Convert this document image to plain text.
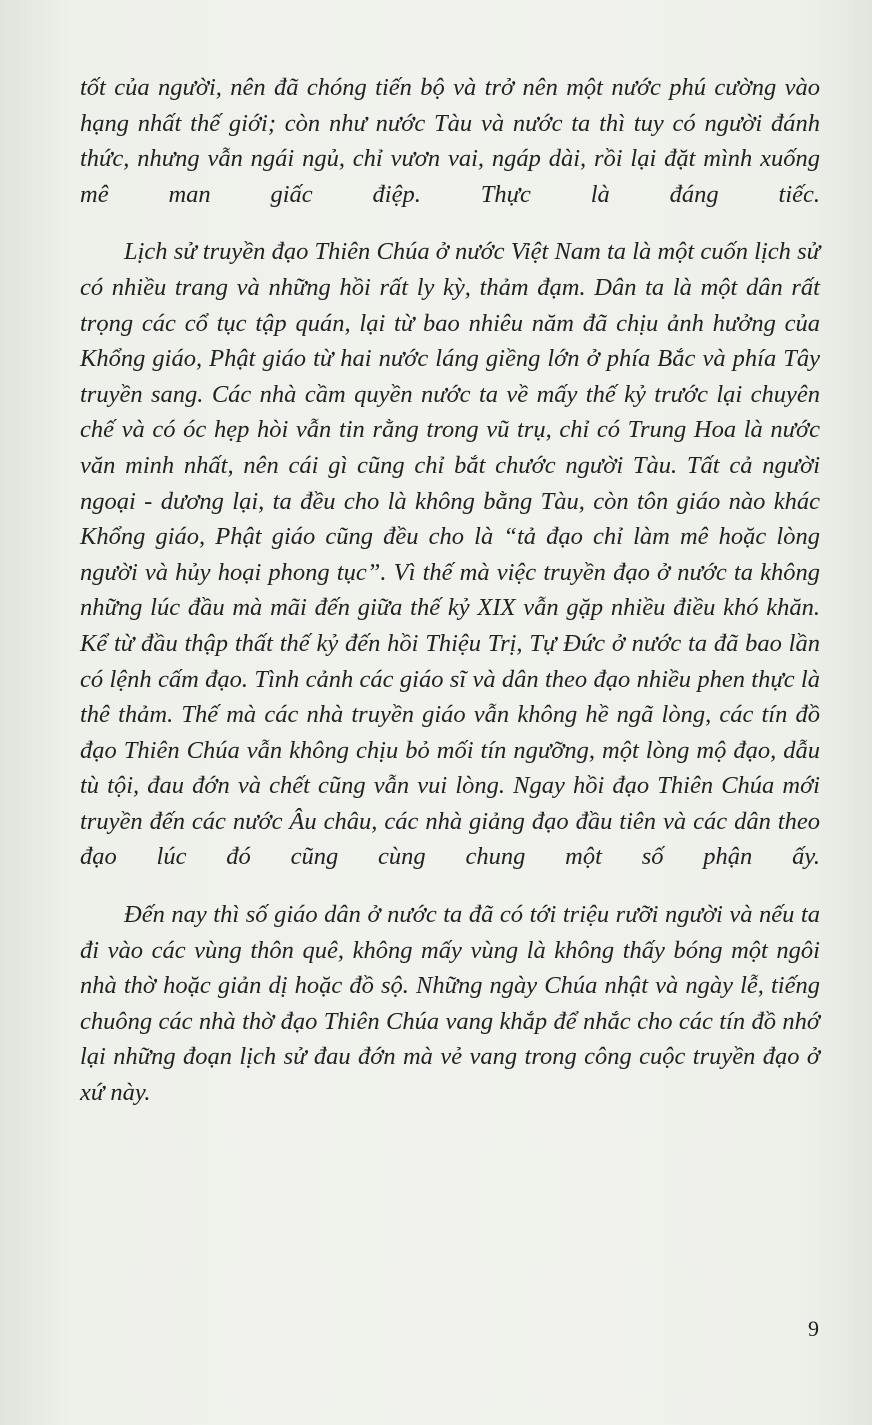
tốt của người, nên đã chóng tiến bộ và trở nên một nước phú cường vào hạng nhất thế giới; còn như nước Tàu và nước ta thì tuy có người đánh thức, nhưng vẫn ngái ngủ, chỉ vươn vai, ngáp dài, rồi lại đặt mình xuống mê man giấc điệp. Thực là đáng tiếc.

Lịch sử truyền đạo Thiên Chúa ở nước Việt Nam ta là một cuốn lịch sử có nhiều trang và những hồi rất ly kỳ, thảm đạm. Dân ta là một dân rất trọng các cổ tục tập quán, lại từ bao nhiêu năm đã chịu ảnh hưởng của Khổng giáo, Phật giáo từ hai nước láng giềng lớn ở phía Bắc và phía Tây truyền sang. Các nhà cầm quyền nước ta về mấy thế kỷ trước lại chuyên chế và có óc hẹp hòi vẫn tin rằng trong vũ trụ, chỉ có Trung Hoa là nước văn minh nhất, nên cái gì cũng chỉ bắt chước người Tàu. Tất cả người ngoại - dương lại, ta đều cho là không bằng Tàu, còn tôn giáo nào khác Khổng giáo, Phật giáo cũng đều cho là “tả đạo chỉ làm mê hoặc lòng người và hủy hoại phong tục”. Vì thế mà việc truyền đạo ở nước ta không những lúc đầu mà mãi đến giữa thế kỷ XIX vẫn gặp nhiều điều khó khăn. Kể từ đầu thập thất thế kỷ đến hồi Thiệu Trị, Tự Đức ở nước ta đã bao lần có lệnh cấm đạo. Tình cảnh các giáo sĩ và dân theo đạo nhiều phen thực là thê thảm. Thế mà các nhà truyền giáo vẫn không hề ngã lòng, các tín đồ đạo Thiên Chúa vẫn không chịu bỏ mối tín ngưỡng, một lòng mộ đạo, dẫu tù tội, đau đớn và chết cũng vẫn vui lòng. Ngay hồi đạo Thiên Chúa mới truyền đến các nước Âu châu, các nhà giảng đạo đầu tiên và các dân theo đạo lúc đó cũng cùng chung một số phận ấy.

Đến nay thì số giáo dân ở nước ta đã có tới triệu rưỡi người và nếu ta đi vào các vùng thôn quê, không mấy vùng là không thấy bóng một ngôi nhà thờ hoặc giản dị hoặc đồ sộ. Những ngày Chúa nhật và ngày lễ, tiếng chuông các nhà thờ đạo Thiên Chúa vang khắp để nhắc cho các tín đồ nhớ lại những đoạn lịch sử đau đớn mà vẻ vang trong công cuộc truyền đạo ở xứ này.

9
